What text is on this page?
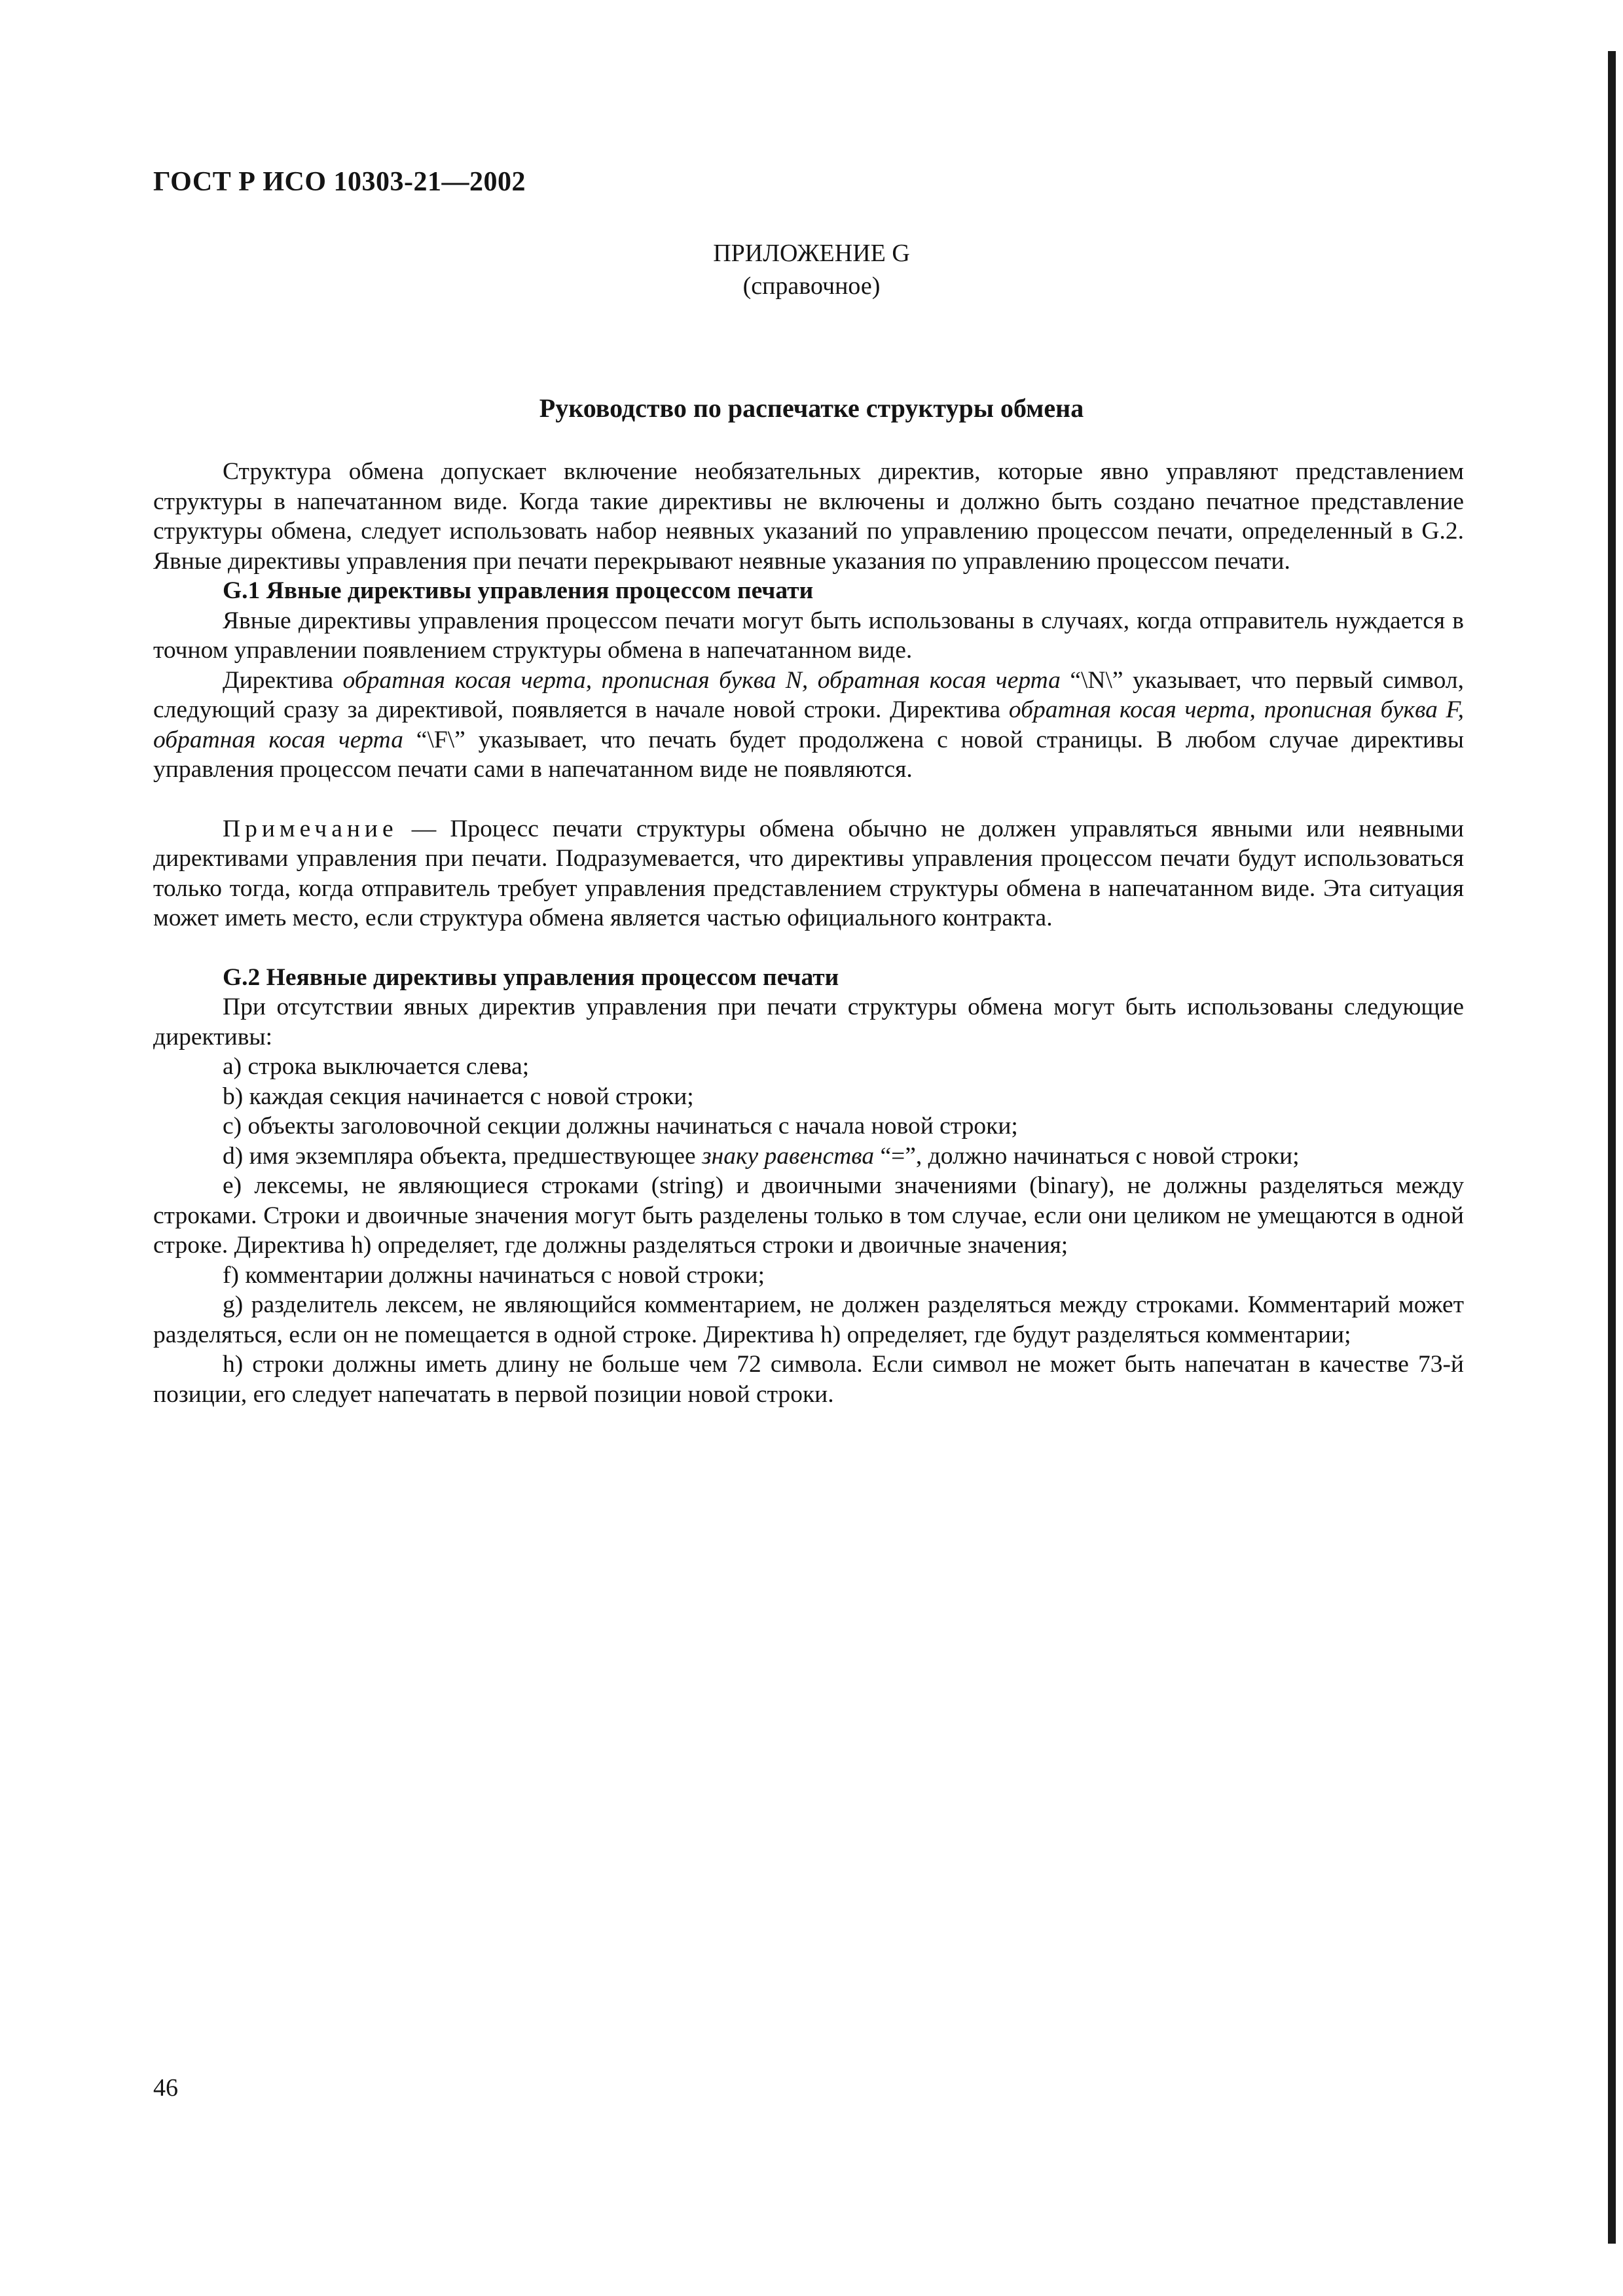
ГОСТ Р ИСО 10303-21—2002
ПРИЛОЖЕНИЕ G
(справочное)
Руководство по распечатке структуры обмена

Структура обмена допускает включение необязательных директив, которые явно управляют представлением структуры в напечатанном виде. Когда такие директивы не включены и должно быть создано печатное представление структуры обмена, следует использовать набор неявных указаний по управлению процессом печати, определенный в G.2. Явные директивы управления при печати перекрывают неявные указания по управлению процессом печати.

G.1 Явные директивы управления процессом печати

Явные директивы управления процессом печати могут быть использованы в случаях, когда отправитель нуждается в точном управлении появлением структуры обмена в напечатанном виде.

Директива обратная косая черта, прописная буква N, обратная косая черта “\N\” указывает, что первый символ, следующий сразу за директивой, появляется в начале новой строки. Директива обратная косая черта, прописная буква F, обратная косая черта “\F\” указывает, что печать будет продолжена с новой страницы. В любом случае директивы управления процессом печати сами в напечатанном виде не появляются.

Примечание — Процесс печати структуры обмена обычно не должен управляться явными или неявными директивами управления при печати. Подразумевается, что директивы управления процессом печати будут использоваться только тогда, когда отправитель требует управления представлением структуры обмена в напечатанном виде. Эта ситуация может иметь место, если структура обмена является частью официального контракта.

G.2 Неявные директивы управления процессом печати

При отсутствии явных директив управления при печати структуры обмена могут быть использованы следующие директивы:

а) строка выключается слева;

b) каждая секция начинается с новой строки;

с) объекты заголовочной секции должны начинаться с начала новой строки;

d) имя экземпляра объекта, предшествующее знаку равенства “=”, должно начинаться с новой строки;

е) лексемы, не являющиеся строками (string) и двоичными значениями (binary), не должны разделяться между строками. Строки и двоичные значения могут быть разделены только в том случае, если они целиком не умещаются в одной строке. Директива h) определяет, где должны разделяться строки и двоичные значения;

f) комментарии должны начинаться с новой строки;

g) разделитель лексем, не являющийся комментарием, не должен разделяться между строками. Комментарий может разделяться, если он не помещается в одной строке. Директива h) определяет, где будут разделяться комментарии;

h) строки должны иметь длину не больше чем 72 символа. Если символ не может быть напечатан в качестве 73-й позиции, его следует напечатать в первой позиции новой строки.

46
